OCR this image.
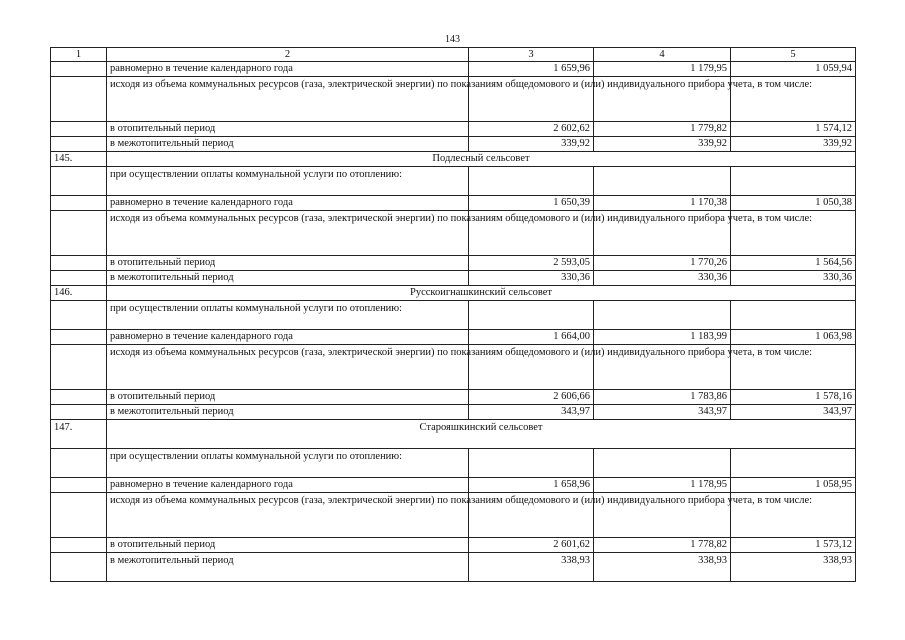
143
1	2	3	4	5
	равномерно в течение календарного года	1 659,96	1 179,95	1 059,94
	исходя из объема коммунальных ресурсов (газа, электрической энергии) по показаниям общедомового и (или) индивидуального прибора учета, в том числе:			
	в отопительный период	2 602,62	1 779,82	1 574,12
	в межотопительный период	339,92	339,92	339,92
145.	Подлесный сельсовет			
	при осуществлении оплаты коммунальной услуги по отоплению:			
	равномерно в течение календарного года	1 650,39	1 170,38	1 050,38
	исходя из объема коммунальных ресурсов (газа, электрической энергии) по показаниям общедомового и (или) индивидуального прибора учета, в том числе:			
	в отопительный период	2 593,05	1 770,26	1 564,56
	в межотопительный период	330,36	330,36	330,36
146.	Русскоигнашкинский сельсовет			
	при осуществлении оплаты коммунальной услуги по отоплению:			
	равномерно в течение календарного года	1 664,00	1 183,99	1 063,98
	исходя из объема коммунальных ресурсов (газа, электрической энергии) по показаниям общедомового и (или) индивидуального прибора учета, в том числе:			
	в отопительный период	2 606,66	1 783,86	1 578,16
	в межотопительный период	343,97	343,97	343,97
147.	Старояшкинский сельсовет			
	при осуществлении оплаты коммунальной услуги по отоплению:			
	равномерно в течение календарного года	1 658,96	1 178,95	1 058,95
	исходя из объема коммунальных ресурсов (газа, электрической энергии) по показаниям общедомового и (или) индивидуального прибора учета, в том числе:			
	в отопительный период	2 601,62	1 778,82	1 573,12
	в межотопительный период	338,93	338,93	338,93
